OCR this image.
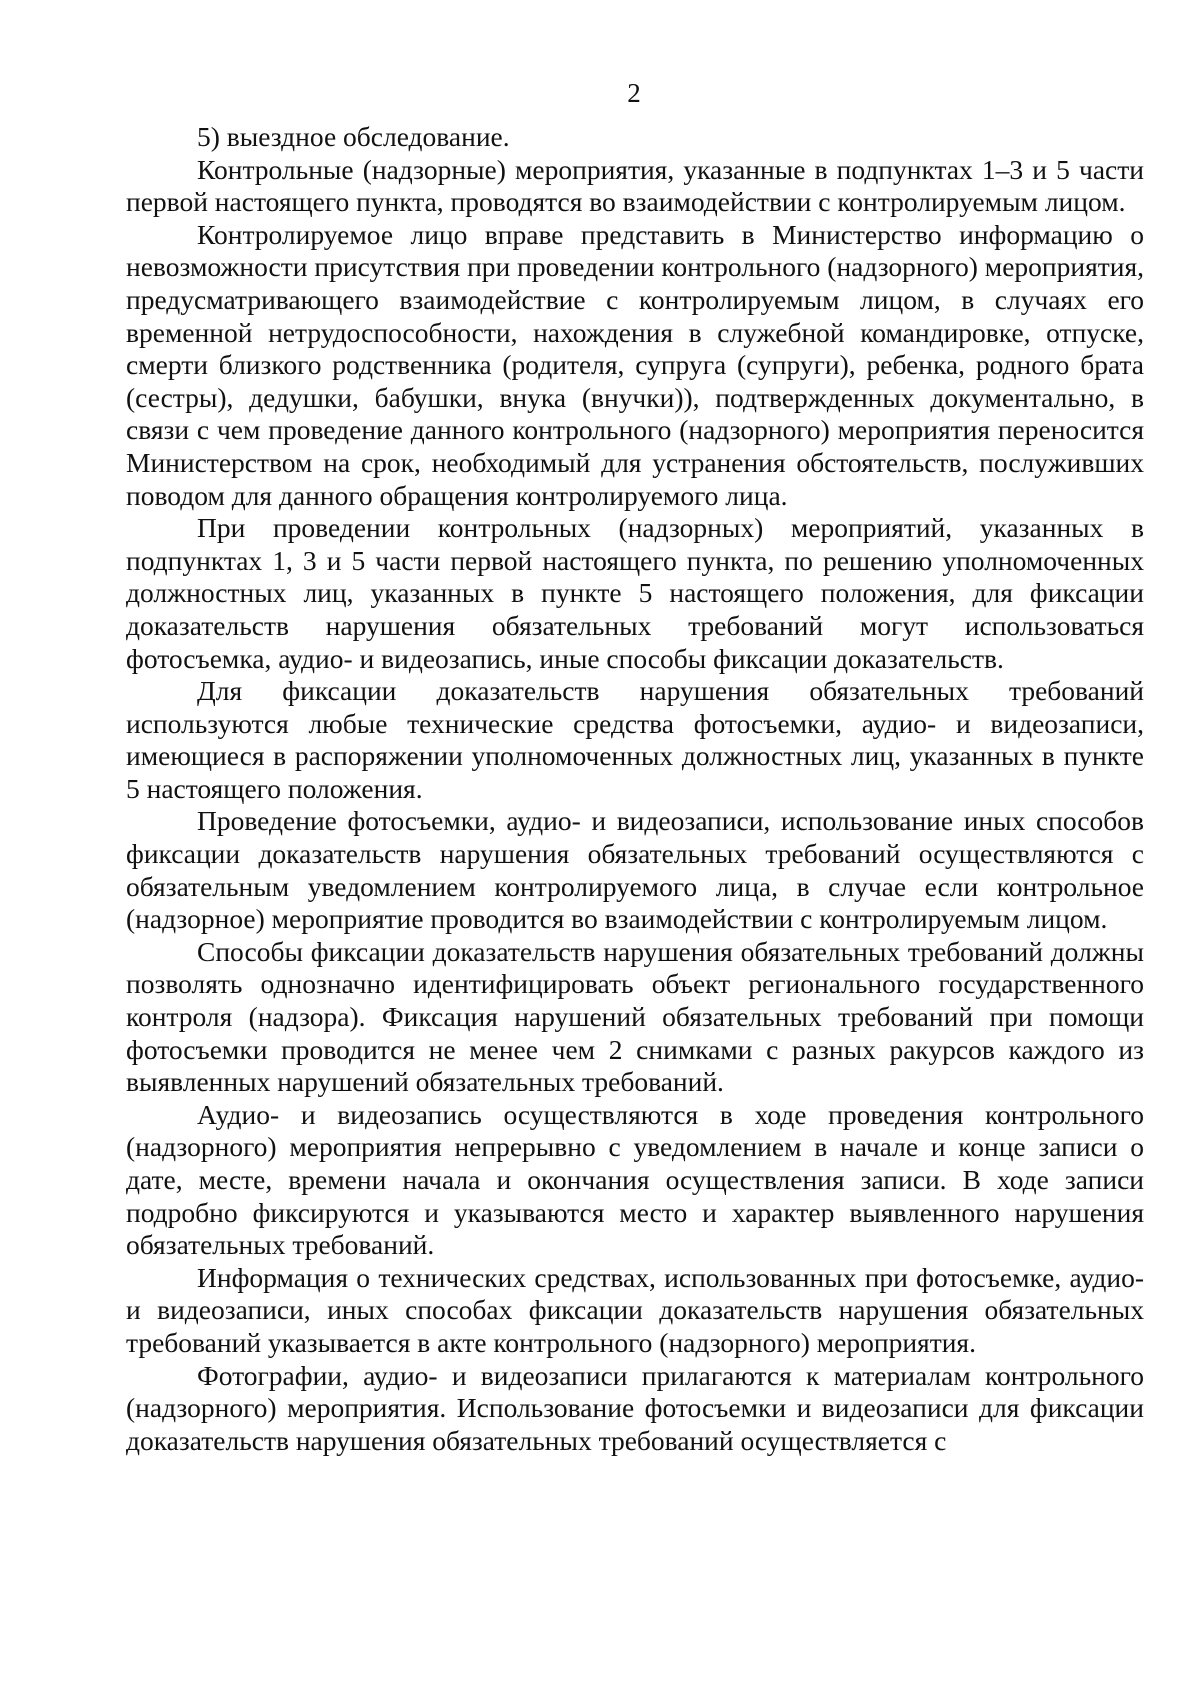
2

5) выездное обследование.

Контрольные (надзорные) мероприятия, указанные в подпунктах 1–3 и 5 части первой настоящего пункта, проводятся во взаимодействии с контролируемым лицом.

Контролируемое лицо вправе представить в Министерство информацию о невозможности присутствия при проведении контрольного (надзорного) мероприятия, предусматривающего взаимодействие с контролируемым лицом, в случаях его временной нетрудоспособности, нахождения в служебной командировке, отпуске, смерти близкого родственника (родителя, супруга (супруги), ребенка, родного брата (сестры), дедушки, бабушки, внука (внучки)), подтвержденных документально, в связи с чем проведение данного контрольного (надзорного) мероприятия переносится Министерством на срок, необходимый для устранения обстоятельств, послуживших поводом для данного обращения контролируемого лица.

При проведении контрольных (надзорных) мероприятий, указанных в подпунктах 1, 3 и 5 части первой настоящего пункта, по решению уполномоченных должностных лиц, указанных в пункте 5 настоящего положения, для фиксации доказательств нарушения обязательных требований могут использоваться фотосъемка, аудио- и видеозапись, иные способы фиксации доказательств.

Для фиксации доказательств нарушения обязательных требований используются любые технические средства фотосъемки, аудио- и видеозаписи, имеющиеся в распоряжении уполномоченных должностных лиц, указанных в пункте 5 настоящего положения.

Проведение фотосъемки, аудио- и видеозаписи, использование иных способов фиксации доказательств нарушения обязательных требований осуществляются с обязательным уведомлением контролируемого лица, в случае если контрольное (надзорное) мероприятие проводится во взаимодействии с контролируемым лицом.

Способы фиксации доказательств нарушения обязательных требований должны позволять однозначно идентифицировать объект регионального государственного контроля (надзора). Фиксация нарушений обязательных требований при помощи фотосъемки проводится не менее чем 2 снимками с разных ракурсов каждого из выявленных нарушений обязательных требований.

Аудио- и видеозапись осуществляются в ходе проведения контрольного (надзорного) мероприятия непрерывно с уведомлением в начале и конце записи о дате, месте, времени начала и окончания осуществления записи. В ходе записи подробно фиксируются и указываются место и характер выявленного нарушения обязательных требований.

Информация о технических средствах, использованных при фотосъемке, аудио- и видеозаписи, иных способах фиксации доказательств нарушения обязательных требований указывается в акте контрольного (надзорного) мероприятия.

Фотографии, аудио- и видеозаписи прилагаются к материалам контрольного (надзорного) мероприятия. Использование фотосъемки и видеозаписи для фиксации доказательств нарушения обязательных требований осуществляется с
